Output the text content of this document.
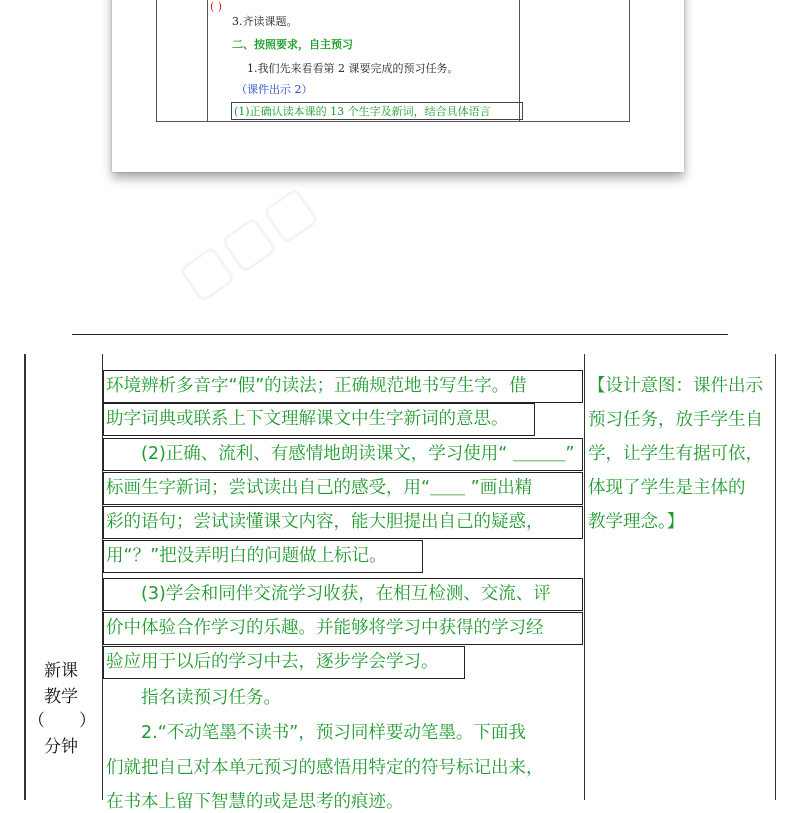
( )
3.齐读课题。
二、按照要求，自主预习
1.我们先来看看第 2 课要完成的预习任务。
（课件出示 2）
(1)正确认读本课的 13 个生字及新词，结合具体语言
▢▢▢
环境辨析多音字“假”的读法；正确规范地书写生字。借
助字词典或联系上下文理解课文中生字新词的意思。
　　(2)正确、流利、有感情地朗读课文，学习使用“ ＿＿＿”
标画生字新词；尝试读出自己的感受，用“＿＿ ”画出精
彩的语句；尝试读懂课文内容，能大胆提出自己的疑惑，
用“？”把没弄明白的问题做上标记。
　　(3)学会和同伴交流学习收获，在相互检测、交流、评
价中体验合作学习的乐趣。并能够将学习中获得的学习经
验应用于以后的学习中去，逐步学会学习。
　　指名读预习任务。
　　2.“不动笔墨不读书”，预习同样要动笔墨。下面我
们就把自己对本单元预习的感悟用特定的符号标记出来，
在书本上留下智慧的或是思考的痕迹。
【设计意图：课件出示
预习任务，放手学生自
学，让学生有据可依，
体现了学生是主体的
教学理念。】
新课
教学
（　　）
分钟
